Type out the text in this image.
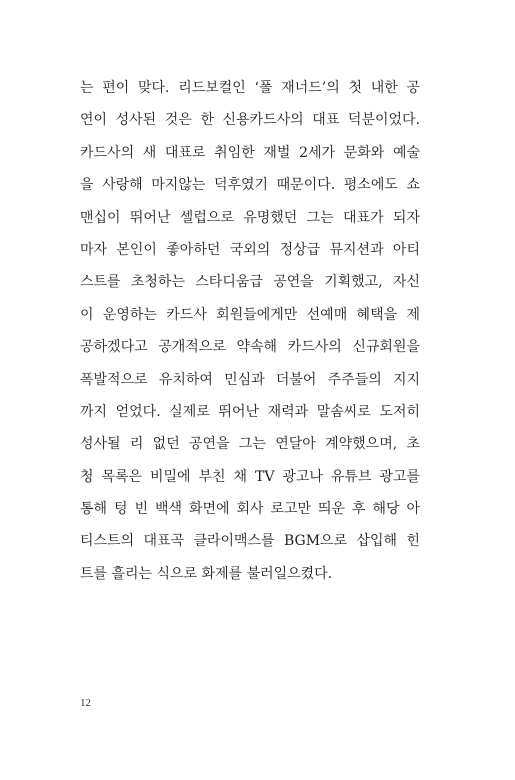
는 편이 맞다. 리드보컬인 ‘폴 재너드’의 첫 내한 공
연이 성사된 것은 한 신용카드사의 대표 덕분이었다.
카드사의 새 대표로 취임한 재벌 2세가 문화와 예술
을 사랑해 마지않는 덕후였기 때문이다. 평소에도 쇼
맨십이 뛰어난 셀럽으로 유명했던 그는 대표가 되자
마자 본인이 좋아하던 국외의 정상급 뮤지션과 아티
스트를 초청하는 스타디움급 공연을 기획했고, 자신
이 운영하는 카드사 회원들에게만 선예매 혜택을 제
공하겠다고 공개적으로 약속해 카드사의 신규회원을
폭발적으로 유치하여 민심과 더불어 주주들의 지지
까지 얻었다. 실제로 뛰어난 재력과 말솜씨로 도저히
성사될 리 없던 공연을 그는 연달아 계약했으며, 초
청 목록은 비밀에 부친 채 TV 광고나 유튜브 광고를
통해 텅 빈 백색 화면에 회사 로고만 띄운 후 해당 아
티스트의 대표곡 클라이맥스를 BGM으로 삽입해 힌
트를 흘리는 식으로 화제를 불러일으켰다.
12
